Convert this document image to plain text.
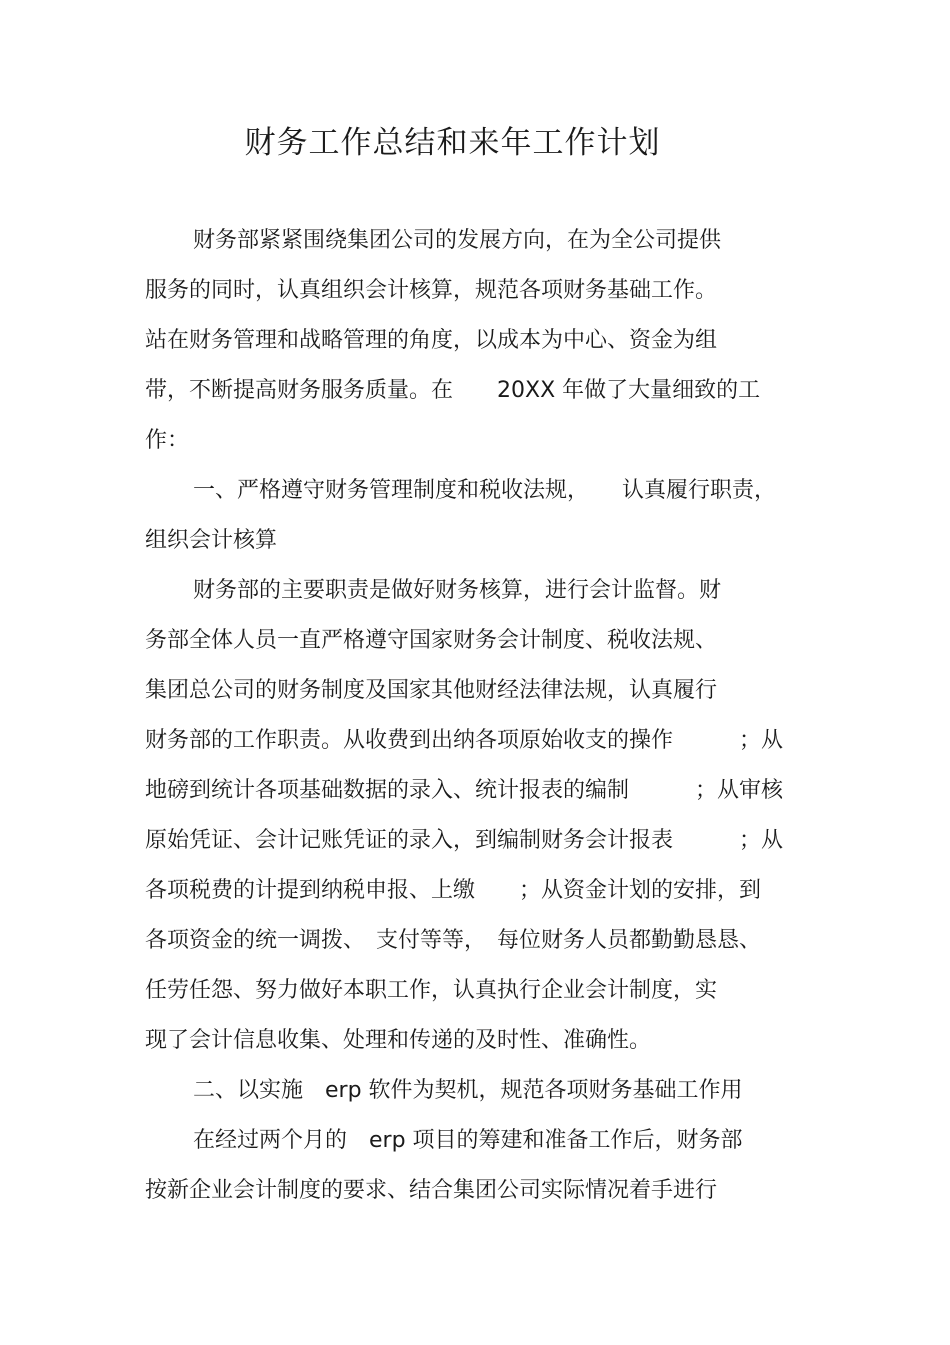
财务工作总结和来年工作计划
财务部紧紧围绕集团公司的发展方向，在为全公司提供
服务的同时，认真组织会计核算，规范各项财务基础工作。
站在财务管理和战略管理的角度，以成本为中心、资金为组
带，不断提高财务服务质量。在　　20XX 年做了大量细致的工
作：
一、严格遵守财务管理制度和税收法规，　　认真履行职责，
组织会计核算
财务部的主要职责是做好财务核算，进行会计监督。财
务部全体人员一直严格遵守国家财务会计制度、税收法规、
集团总公司的财务制度及国家其他财经法律法规，认真履行
财务部的工作职责。从收费到出纳各项原始收支的操作　　　；从
地磅到统计各项基础数据的录入、统计报表的编制　　　；从审核
原始凭证、会计记账凭证的录入，到编制财务会计报表　　　；从
各项税费的计提到纳税申报、上缴　　；从资金计划的安排，到
各项资金的统一调拨、　支付等等，　每位财务人员都勤勤恳恳、
任劳任怨、努力做好本职工作，认真执行企业会计制度，实
现了会计信息收集、处理和传递的及时性、准确性。
二、以实施　erp 软件为契机，规范各项财务基础工作用
在经过两个月的　erp 项目的筹建和准备工作后，财务部
按新企业会计制度的要求、结合集团公司实际情况着手进行
